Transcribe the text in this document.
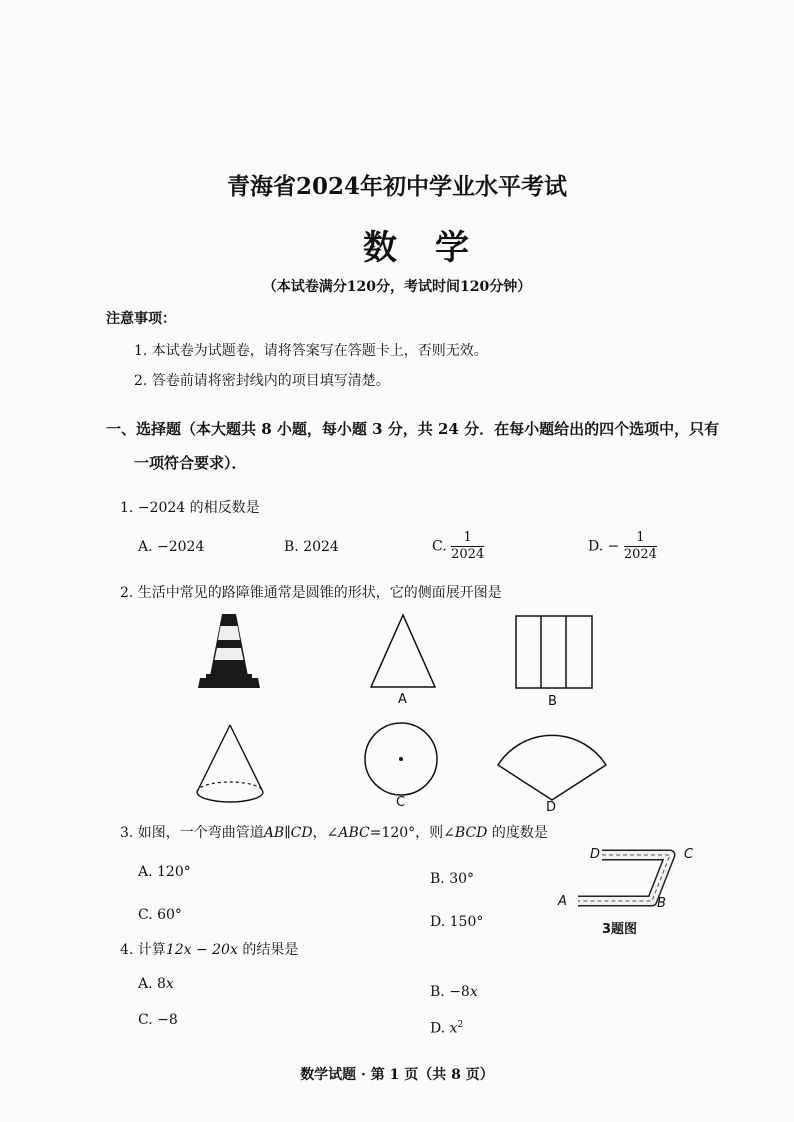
青海省2024年初中学业水平考试
数学
（本试卷满分120分，考试时间120分钟）
注意事项：
1. 本试卷为试题卷，请将答案写在答题卡上，否则无效。
2. 答卷前请将密封线内的项目填写清楚。
一、选择题（本大题共 8 小题，每小题 3 分，共 24 分．在每小题给出的四个选项中，只有
一项符合要求）．
1. −2024 的相反数是
A. −2024	B. 2024	C. $\frac{1}{2024}$	D. − $\frac{1}{2024}$
2. 生活中常见的路障锥通常是圆锥的形状，它的侧面展开图是
A	B
C	D
3. 如图，一个弯曲管道AB∥CD，∠ABC=120°，则∠BCD 的度数是
A. 120°	B. 30°
C. 60°	D. 150°
D	C
A	B
3题图
4. 计算12x − 20x 的结果是
A. 8x	B. −8x
C. −8
D. $x^2$
数学试题 · 第 1 页（共 8 页）
